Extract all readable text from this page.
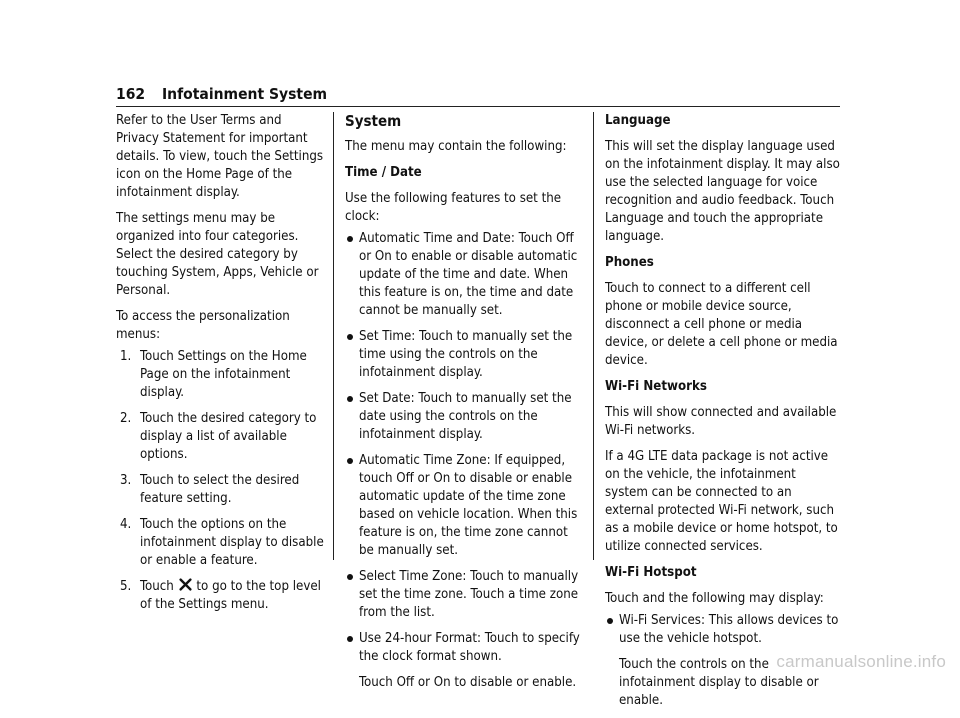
162 Infotainment System

Refer to the User Terms and Privacy Statement for important details. To view, touch the Settings icon on the Home Page of the infotainment display.

The settings menu may be organized into four categories. Select the desired category by touching System, Apps, Vehicle or Personal.

To access the personalization menus:

1. Touch Settings on the Home Page on the infotainment display.
2. Touch the desired category to display a list of available options.
3. Touch to select the desired feature setting.
4. Touch the options on the infotainment display to disable or enable a feature.
5. Touch to go to the top level of the Settings menu.
System

The menu may contain the following:

Time / Date

Use the following features to set the clock:

Automatic Time and Date: Touch Off or On to enable or disable automatic update of the time and date. When this feature is on, the time and date cannot be manually set.
Set Time: Touch to manually set the time using the controls on the infotainment display.
Set Date: Touch to manually set the date using the controls on the infotainment display.
Automatic Time Zone: If equipped, touch Off or On to disable or enable automatic update of the time zone based on vehicle location. When this feature is on, the time zone cannot be manually set.
Select Time Zone: Touch to manually set the time zone. Touch a time zone from the list.
Use 24-hour Format: Touch to specify the clock format shown.

Touch Off or On to disable or enable.

Language

This will set the display language used on the infotainment display. It may also use the selected language for voice recognition and audio feedback. Touch Language and touch the appropriate language.

Phones

Touch to connect to a different cell phone or mobile device source, disconnect a cell phone or media device, or delete a cell phone or media device.

Wi-Fi Networks

This will show connected and available Wi-Fi networks.

If a 4G LTE data package is not active on the vehicle, the infotainment system can be connected to an external protected Wi-Fi network, such as a mobile device or home hotspot, to utilize connected services.

Wi-Fi Hotspot

Touch and the following may display:

Wi-Fi Services: This allows devices to use the vehicle hotspot.

Touch the controls on the infotainment display to disable or enable.

carmanualsonline.info
